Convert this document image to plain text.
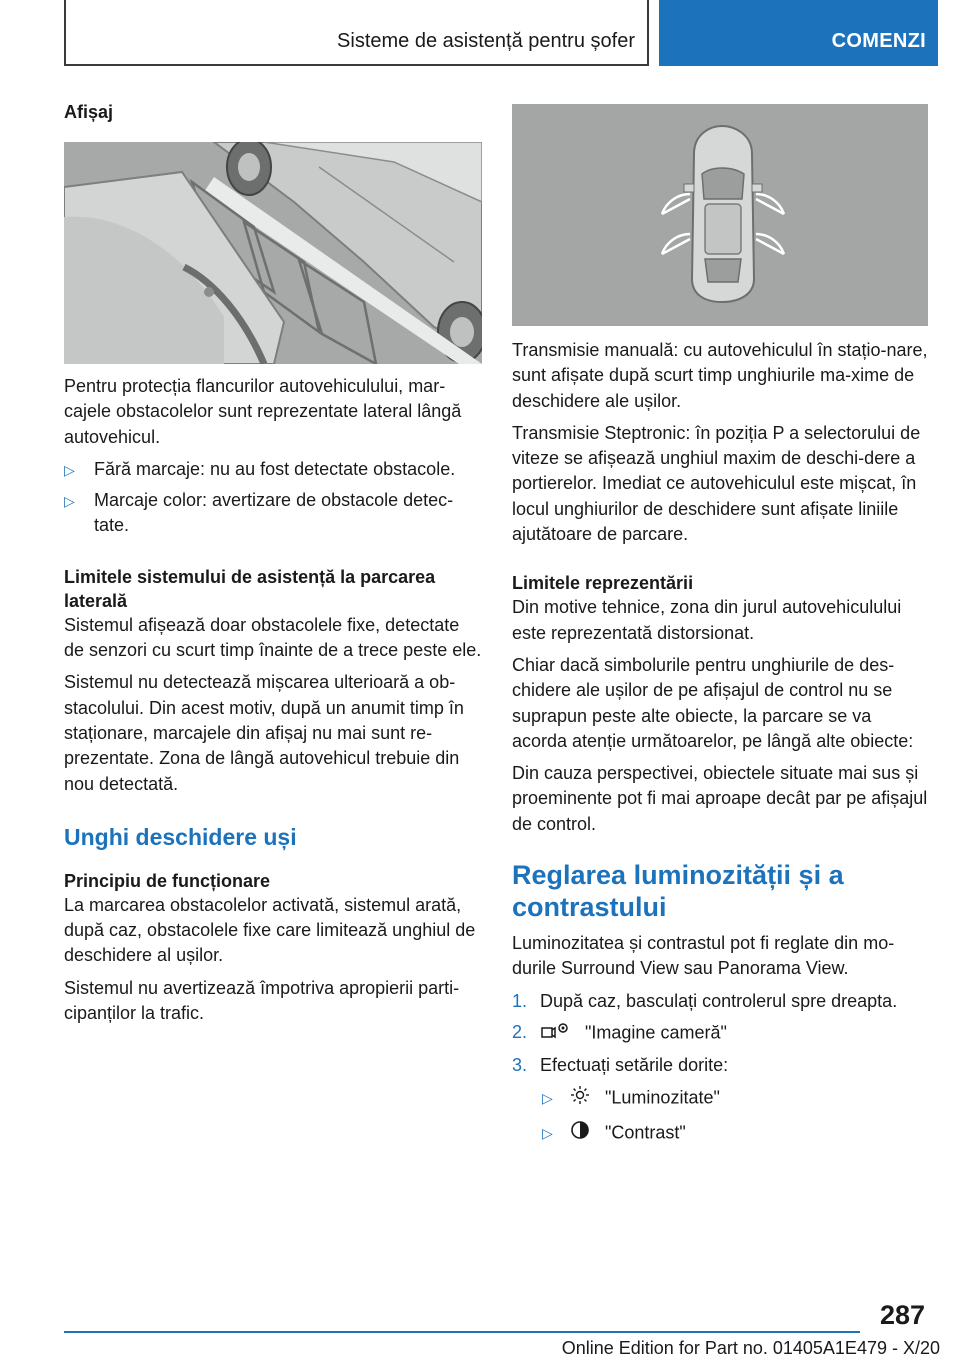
Sisteme de asistență pentru șofer	COMENZI
Afișaj

Pentru protecția flancurilor autovehiculului, mar-cajele obstacolelor sunt reprezentate lateral lângă autovehicul.

▷ Fără marcaje: nu au fost detectate obstacole.
▷ Marcaje color: avertizare de obstacole detec-tate.
Limitele sistemului de asistență la parcarea laterală

Sistemul afișează doar obstacolele fixe, detectate de senzori cu scurt timp înainte de a trece peste ele.

Sistemul nu detectează mișcarea ulterioară a ob-stacolului. Din acest motiv, după un anumit timp în staționare, marcajele din afișaj nu mai sunt re-prezentate. Zona de lângă autovehicul trebuie din nou detectată.

Unghi deschidere uși
Principiu de funcționare

La marcarea obstacolelor activată, sistemul arată, după caz, obstacolele fixe care limitează unghiul de deschidere al ușilor.

Sistemul nu avertizează împotriva apropierii parti-cipanților la trafic.

Transmisie manuală: cu autovehiculul în stațio-nare, sunt afișate după scurt timp unghiurile ma-xime de deschidere ale ușilor.

Transmisie Steptronic: în poziția P a selectorului de viteze se afișează unghiul maxim de deschi-dere a portierelor. Imediat ce autovehiculul este mișcat, în locul unghiurilor de deschidere sunt afișate liniile ajutătoare de parcare.

Limitele reprezentării

Din motive tehnice, zona din jurul autovehiculului este reprezentată distorsionat.

Chiar dacă simbolurile pentru unghiurile de des-chidere ale ușilor de pe afișajul de control nu se suprapun peste alte obiecte, la parcare se va acorda atenție următoarelor, pe lângă alte obiecte:

Din cauza perspectivei, obiectele situate mai sus și proeminente pot fi mai aproape decât par pe afișajul de control.

Reglarea luminozității și a contrastului

Luminozitatea și contrastul pot fi reglate din mo-durile Surround View sau Panorama View.

1. După caz, basculați controlerul spre dreapta.
2.	"Imagine cameră"
3. Efectuați setările dorite:
▷	"Luminozitate"
▷	"Contrast"
287
Online Edition for Part no. 01405A1E479 - X/20
